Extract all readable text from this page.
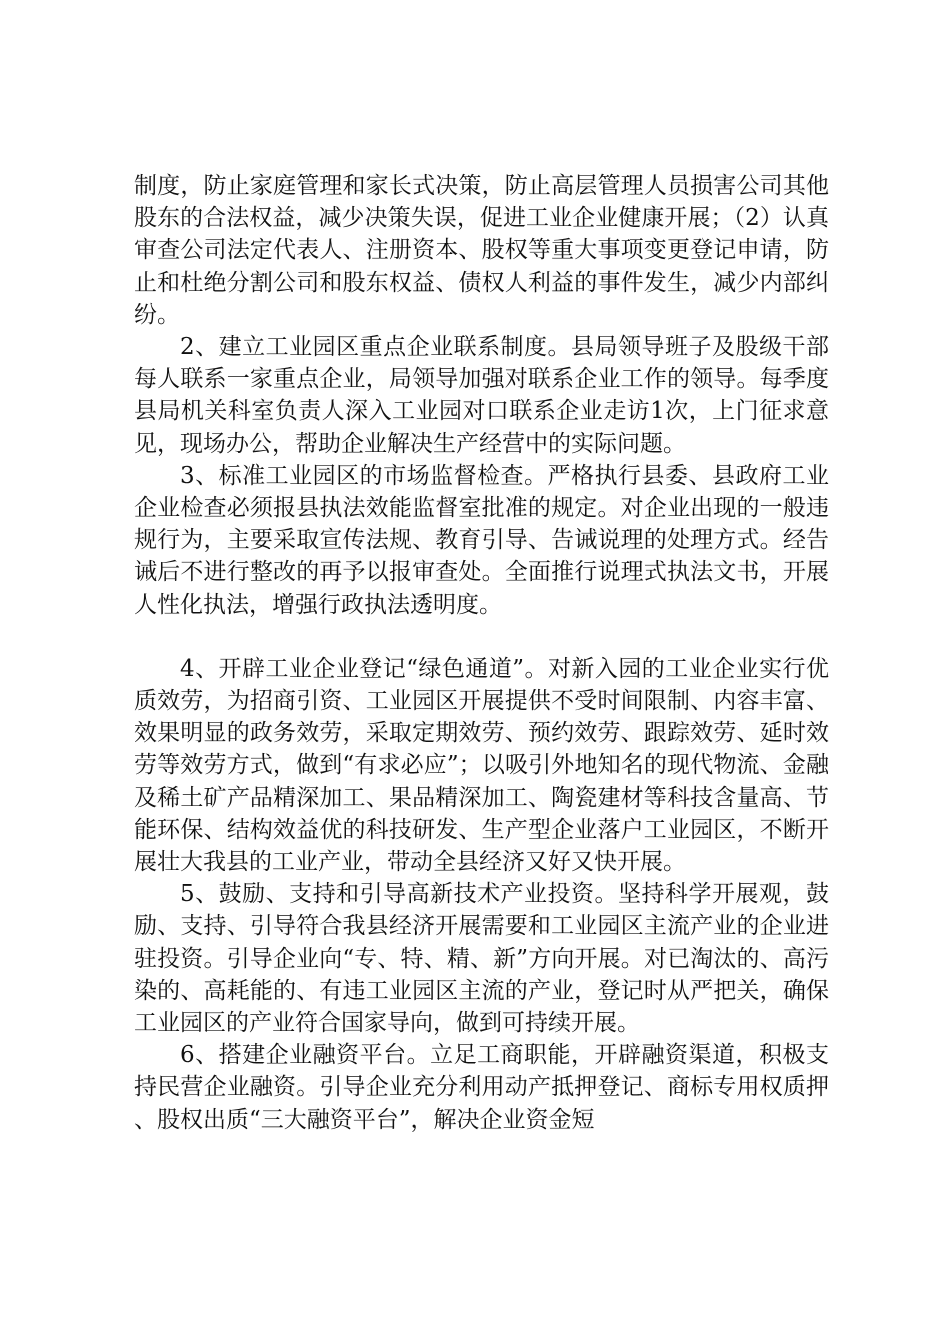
制度，防止家庭管理和家长式决策，防止高层管理人员损害公司其他股东的合法权益，减少决策失误，促进工业企业健康开展；（2）认真审查公司法定代表人、注册资本、股权等重大事项变更登记申请，防止和杜绝分割公司和股东权益、债权人利益的事件发生，减少内部纠纷。

2、建立工业园区重点企业联系制度。县局领导班子及股级干部每人联系一家重点企业，局领导加强对联系企业工作的领导。每季度县局机关科室负责人深入工业园对口联系企业走访1次，上门征求意见，现场办公，帮助企业解决生产经营中的实际问题。

3、标准工业园区的市场监督检查。严格执行县委、县政府工业企业检查必须报县执法效能监督室批准的规定。对企业出现的一般违规行为，主要采取宣传法规、教育引导、告诫说理的处理方式。经告诫后不进行整改的再予以报审查处。全面推行说理式执法文书，开展人性化执法，增强行政执法透明度。

4、开辟工业企业登记“绿色通道”。对新入园的工业企业实行优质效劳，为招商引资、工业园区开展提供不受时间限制、内容丰富、效果明显的政务效劳，采取定期效劳、预约效劳、跟踪效劳、延时效劳等效劳方式，做到“有求必应”；以吸引外地知名的现代物流、金融及稀土矿产品精深加工、果品精深加工、陶瓷建材等科技含量高、节能环保、结构效益优的科技研发、生产型企业落户工业园区，不断开展壮大我县的工业产业，带动全县经济又好又快开展。

5、鼓励、支持和引导高新技术产业投资。坚持科学开展观，鼓励、支持、引导符合我县经济开展需要和工业园区主流产业的企业进驻投资。引导企业向“专、特、精、新”方向开展。对已淘汰的、高污染的、高耗能的、有违工业园区主流的产业，登记时从严把关，确保工业园区的产业符合国家导向，做到可持续开展。

6、搭建企业融资平台。立足工商职能，开辟融资渠道，积极支持民营企业融资。引导企业充分利用动产抵押登记、商标专用权质押、股权出质“三大融资平台”，解决企业资金短
